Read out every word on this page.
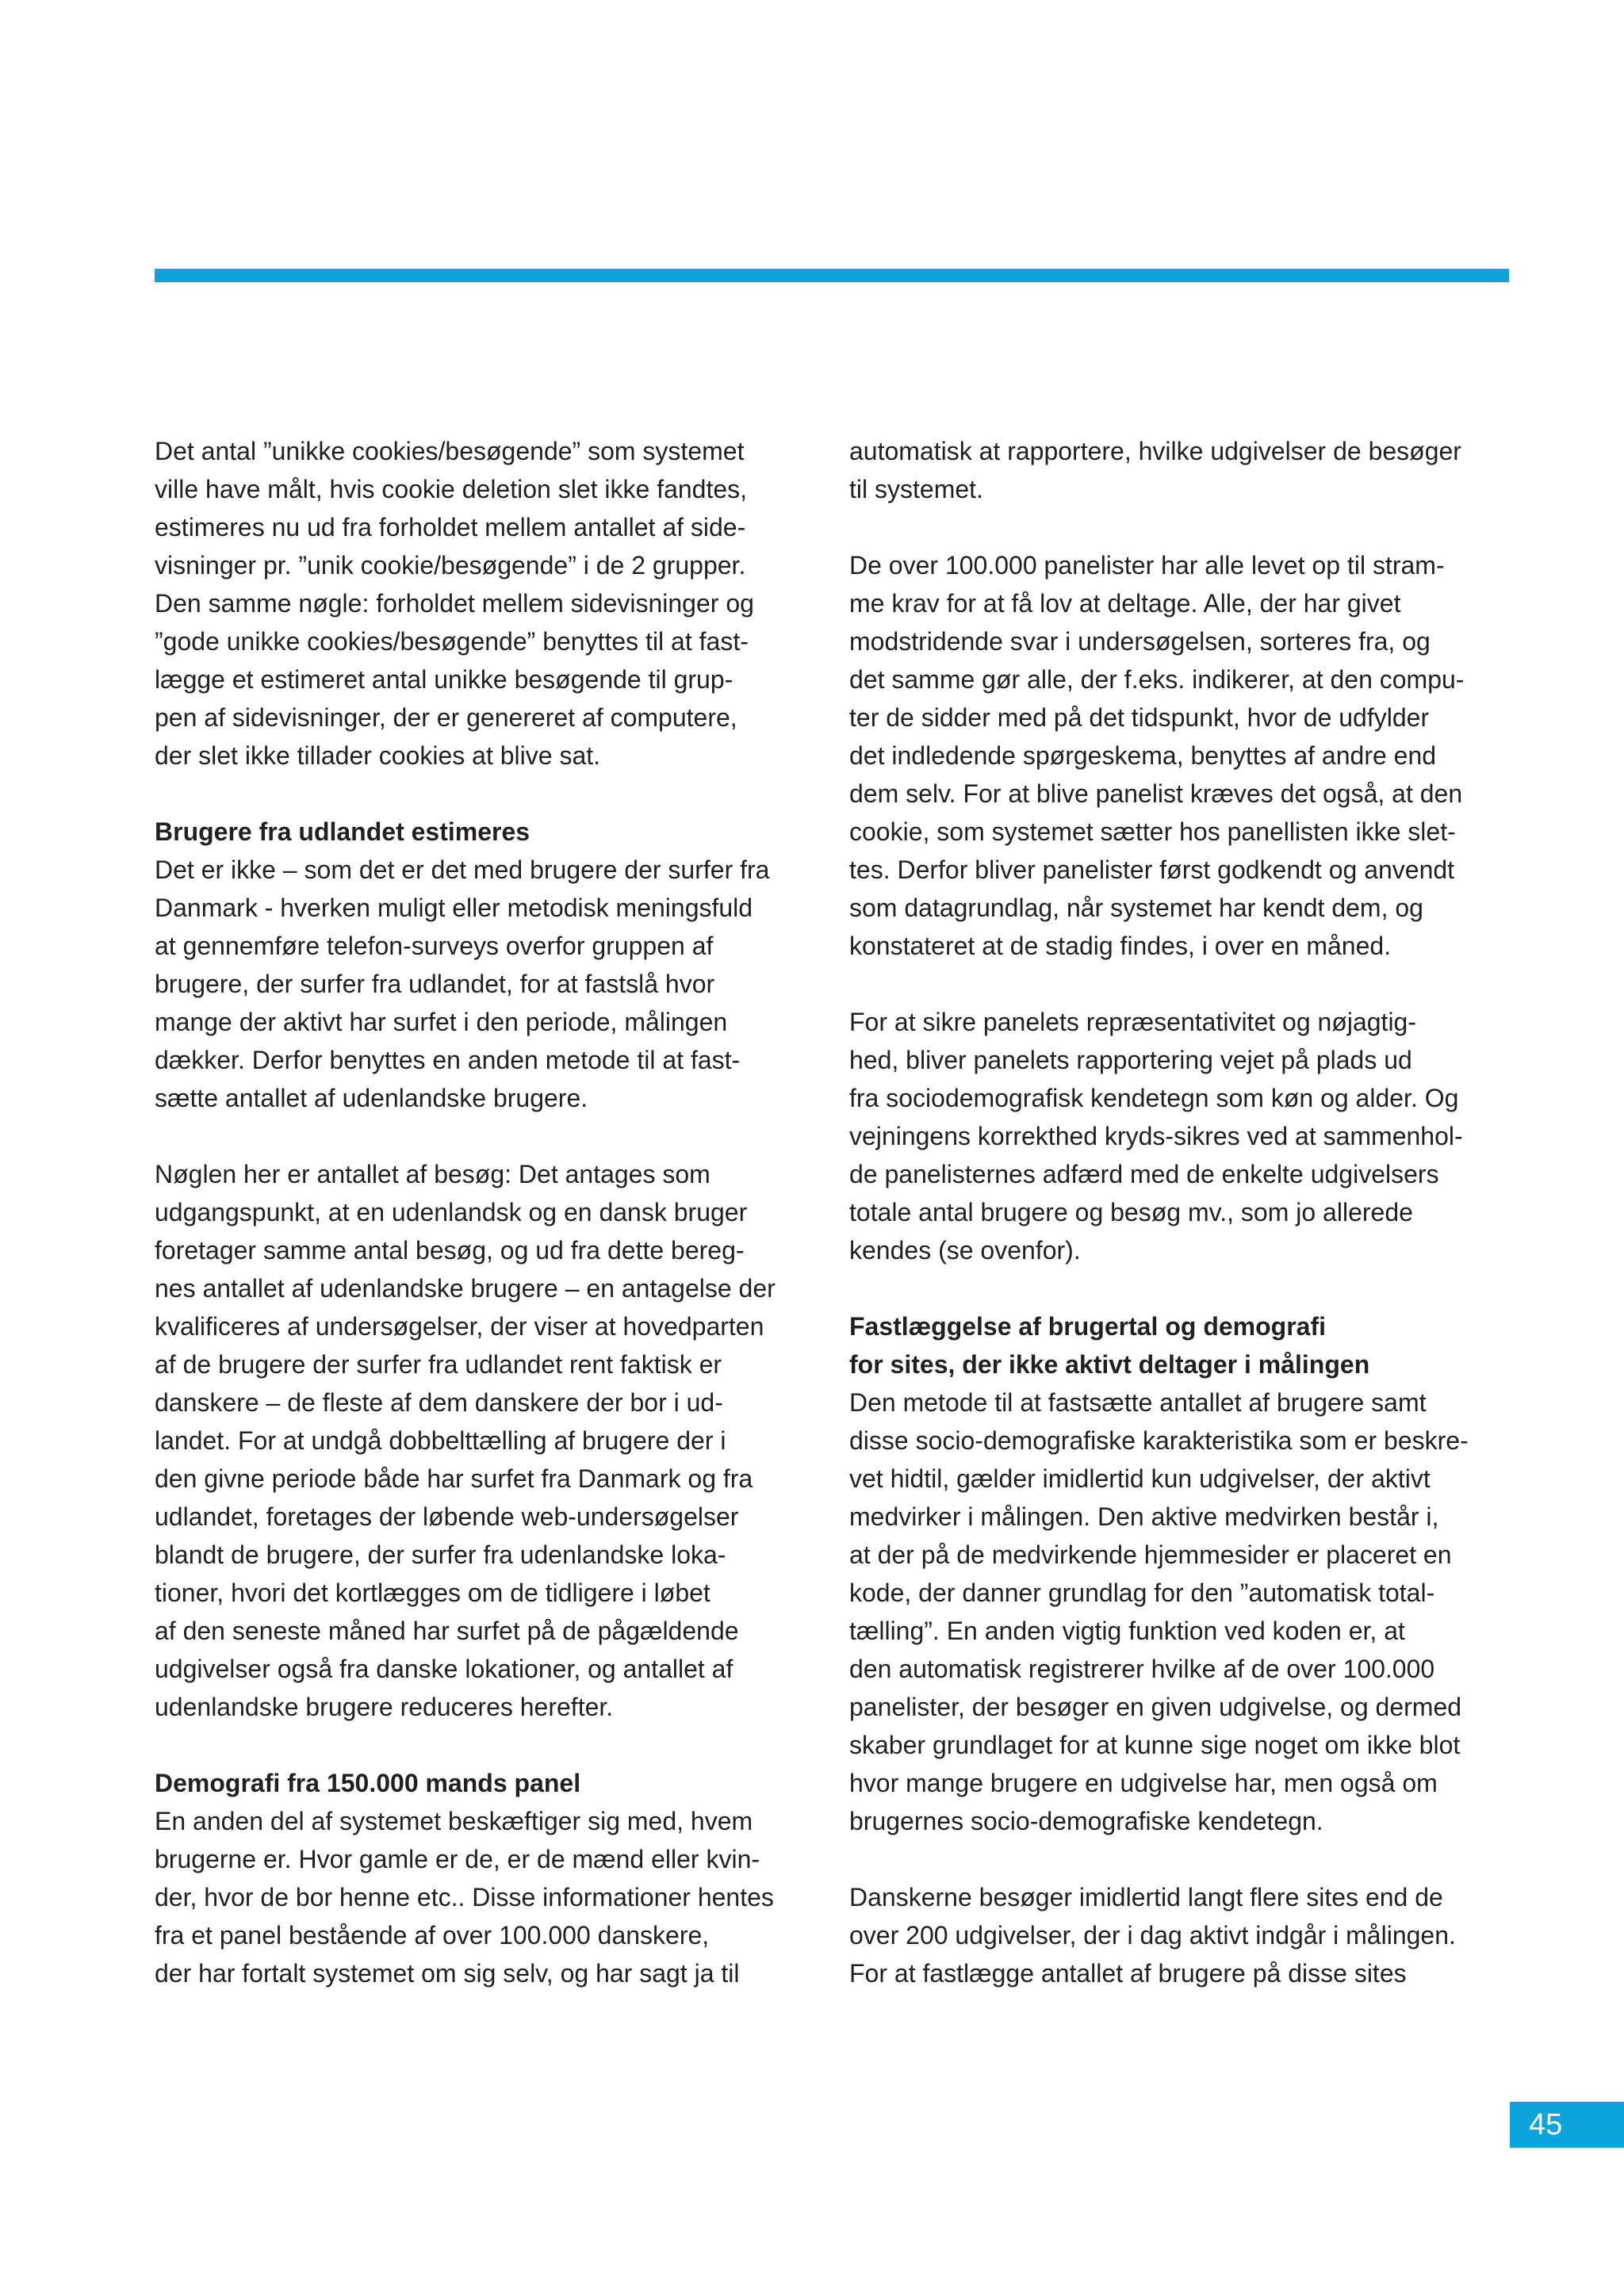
Det antal ”unikke cookies/besøgende” som systemet
ville have målt, hvis cookie deletion slet ikke fandtes,
estimeres nu ud fra forholdet mellem antallet af side-
visninger pr. ”unik cookie/besøgende” i de 2 grupper.
Den samme nøgle: forholdet mellem sidevisninger og
”gode unikke cookies/besøgende” benyttes til at fast-
lægge et estimeret antal unikke besøgende til grup-
pen af sidevisninger, der er genereret af computere,
der slet ikke tillader cookies at blive sat.

Brugere fra udlandet estimeres

Det er ikke – som det er det med brugere der surfer fra
Danmark - hverken muligt eller metodisk meningsfuld
at gennemføre telefon-surveys overfor gruppen af
brugere, der surfer fra udlandet, for at fastslå hvor
mange der aktivt har surfet i den periode, målingen
dækker. Derfor benyttes en anden metode til at fast-
sætte antallet af udenlandske brugere.

Nøglen her er antallet af besøg: Det antages som
udgangspunkt, at en udenlandsk og en dansk bruger
foretager samme antal besøg, og ud fra dette bereg-
nes antallet af udenlandske brugere – en antagelse der
kvalificeres af undersøgelser, der viser at hovedparten
af de brugere der surfer fra udlandet rent faktisk er
danskere – de fleste af dem danskere der bor i ud-
landet. For at undgå dobbelttælling af brugere der i
den givne periode både har surfet fra Danmark og fra
udlandet, foretages der løbende web-undersøgelser
blandt de brugere, der surfer fra udenlandske loka-
tioner, hvori det kortlægges om de tidligere i løbet
af den seneste måned har surfet på de pågældende
udgivelser også fra danske lokationer, og antallet af
udenlandske brugere reduceres herefter.

Demografi fra 150.000 mands panel

En anden del af systemet beskæftiger sig med, hvem
brugerne er. Hvor gamle er de, er de mænd eller kvin-
der, hvor de bor henne etc.. Disse informationer hentes
fra et panel bestående af over 100.000 danskere,
der har fortalt systemet om sig selv, og har sagt ja til

automatisk at rapportere, hvilke udgivelser de besøger
til systemet.

De over 100.000 panelister har alle levet op til stram-
me krav for at få lov at deltage. Alle, der har givet
modstridende svar i undersøgelsen, sorteres fra, og
det samme gør alle, der f.eks. indikerer, at den compu-
ter de sidder med på det tidspunkt, hvor de udfylder
det indledende spørgeskema, benyttes af andre end
dem selv. For at blive panelist kræves det også, at den
cookie, som systemet sætter hos panellisten ikke slet-
tes. Derfor bliver panelister først godkendt og anvendt
som datagrundlag, når systemet har kendt dem, og
konstateret at de stadig findes, i over en måned.

For at sikre panelets repræsentativitet og nøjagtig-
hed, bliver panelets rapportering vejet på plads ud
fra sociodemografisk kendetegn som køn og alder. Og
vejningens korrekthed kryds-sikres ved at sammenhol-
de panelisternes adfærd med de enkelte udgivelsers
totale antal brugere og besøg mv., som jo allerede
kendes (se ovenfor).

Fastlæggelse af brugertal og demografi
for sites, der ikke aktivt deltager i målingen

Den metode til at fastsætte antallet af brugere samt
disse socio-demografiske karakteristika som er beskre-
vet hidtil, gælder imidlertid kun udgivelser, der aktivt
medvirker i målingen. Den aktive medvirken består i,
at der på de medvirkende hjemmesider er placeret en
kode, der danner grundlag for den ”automatisk total-
tælling”. En anden vigtig funktion ved koden er, at
den automatisk registrerer hvilke af de over 100.000
panelister, der besøger en given udgivelse, og dermed
skaber grundlaget for at kunne sige noget om ikke blot
hvor mange brugere en udgivelse har, men også om
brugernes socio-demografiske kendetegn.

Danskerne besøger imidlertid langt flere sites end de
over 200 udgivelser, der i dag aktivt indgår i målingen.
For at fastlægge antallet af brugere på disse sites

45
